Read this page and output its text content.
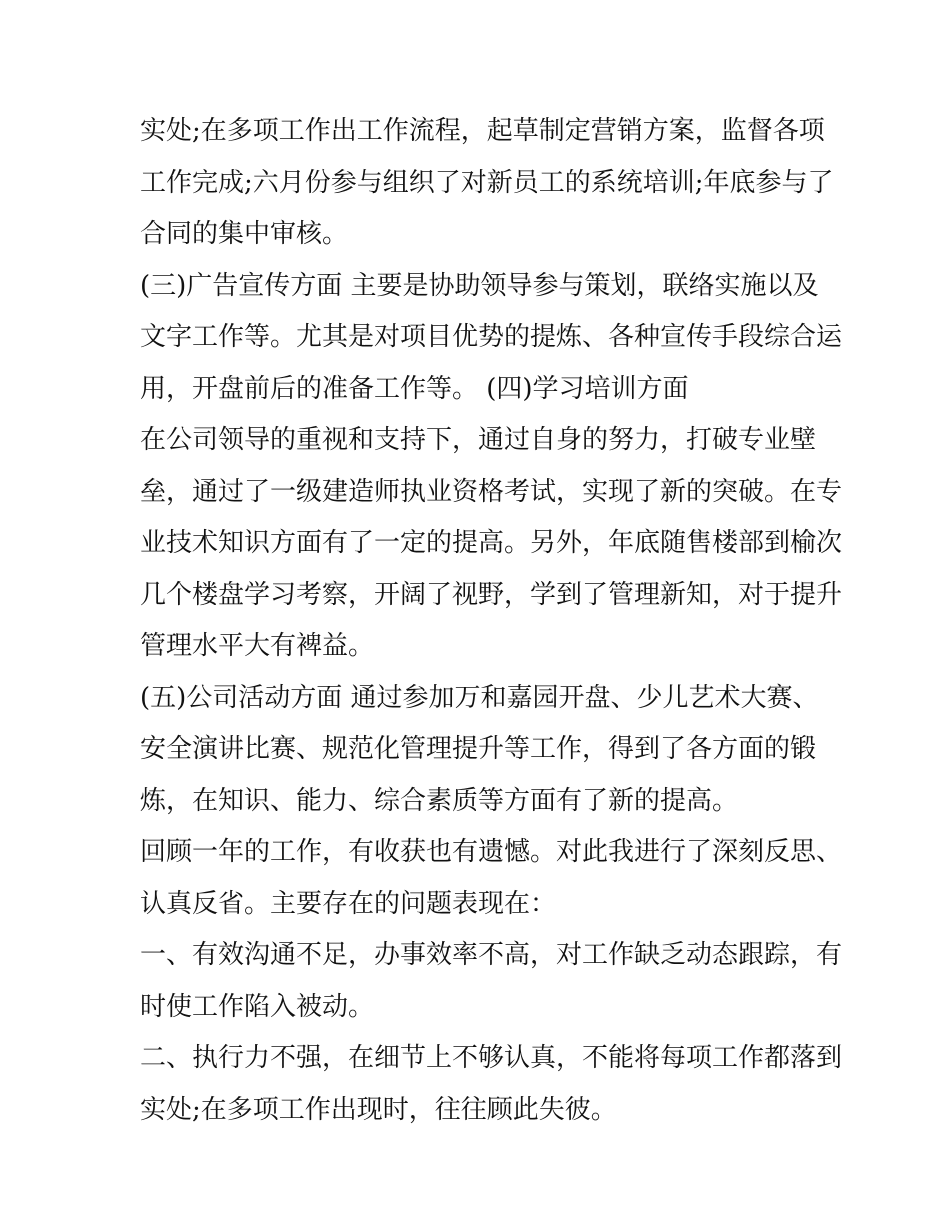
实处;在多项工作出工作流程，起草制定营销方案，监督各项
工作完成;六月份参与组织了对新员工的系统培训;年底参与了
合同的集中审核。
(三)广告宣传方面 主要是协助领导参与策划，联络实施以及
文字工作等。尤其是对项目优势的提炼、各种宣传手段综合运
用，开盘前后的准备工作等。 (四)学习培训方面
在公司领导的重视和支持下，通过自身的努力，打破专业壁
垒，通过了一级建造师执业资格考试，实现了新的突破。在专
业技术知识方面有了一定的提高。另外，年底随售楼部到榆次
几个楼盘学习考察，开阔了视野，学到了管理新知，对于提升
管理水平大有裨益。
(五)公司活动方面 通过参加万和嘉园开盘、少儿艺术大赛、
安全演讲比赛、规范化管理提升等工作，得到了各方面的锻
炼，在知识、能力、综合素质等方面有了新的提高。
回顾一年的工作，有收获也有遗憾。对此我进行了深刻反思、
认真反省。主要存在的问题表现在：
一、有效沟通不足，办事效率不高，对工作缺乏动态跟踪，有
时使工作陷入被动。
二、执行力不强，在细节上不够认真，不能将每项工作都落到
实处;在多项工作出现时，往往顾此失彼。
